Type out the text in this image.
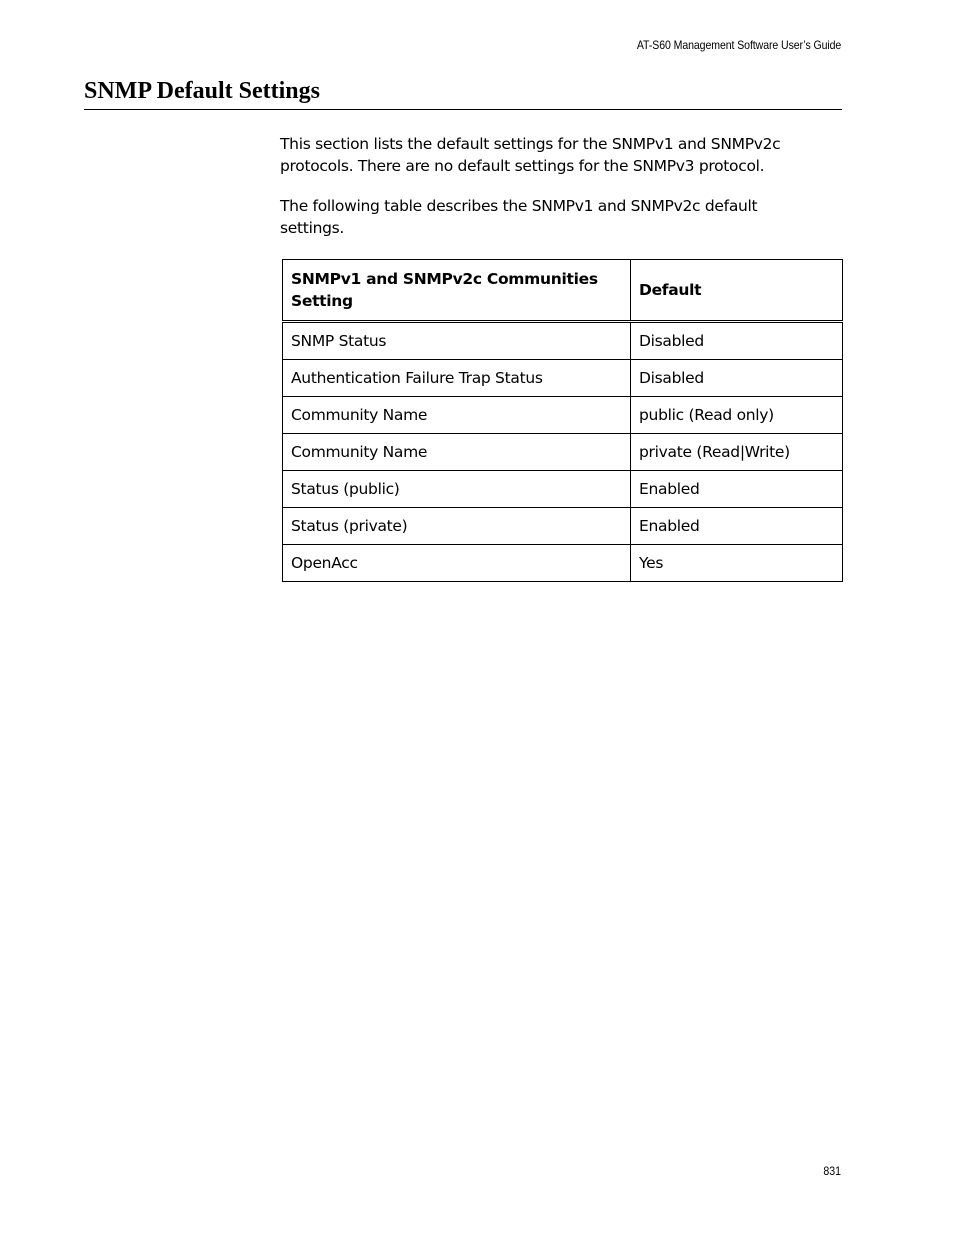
AT-S60 Management Software User’s Guide
SNMP Default Settings

This section lists the default settings for the SNMPv1 and SNMPv2c protocols. There are no default settings for the SNMPv3 protocol.

The following table describes the SNMPv1 and SNMPv2c default settings.

SNMPv1 and SNMPv2c Communities Setting	Default
SNMP Status	Disabled
Authentication Failure Trap Status	Disabled
Community Name	public (Read only)
Community Name	private (Read|Write)
Status (public)	Enabled
Status (private)	Enabled
OpenAcc	Yes
831
